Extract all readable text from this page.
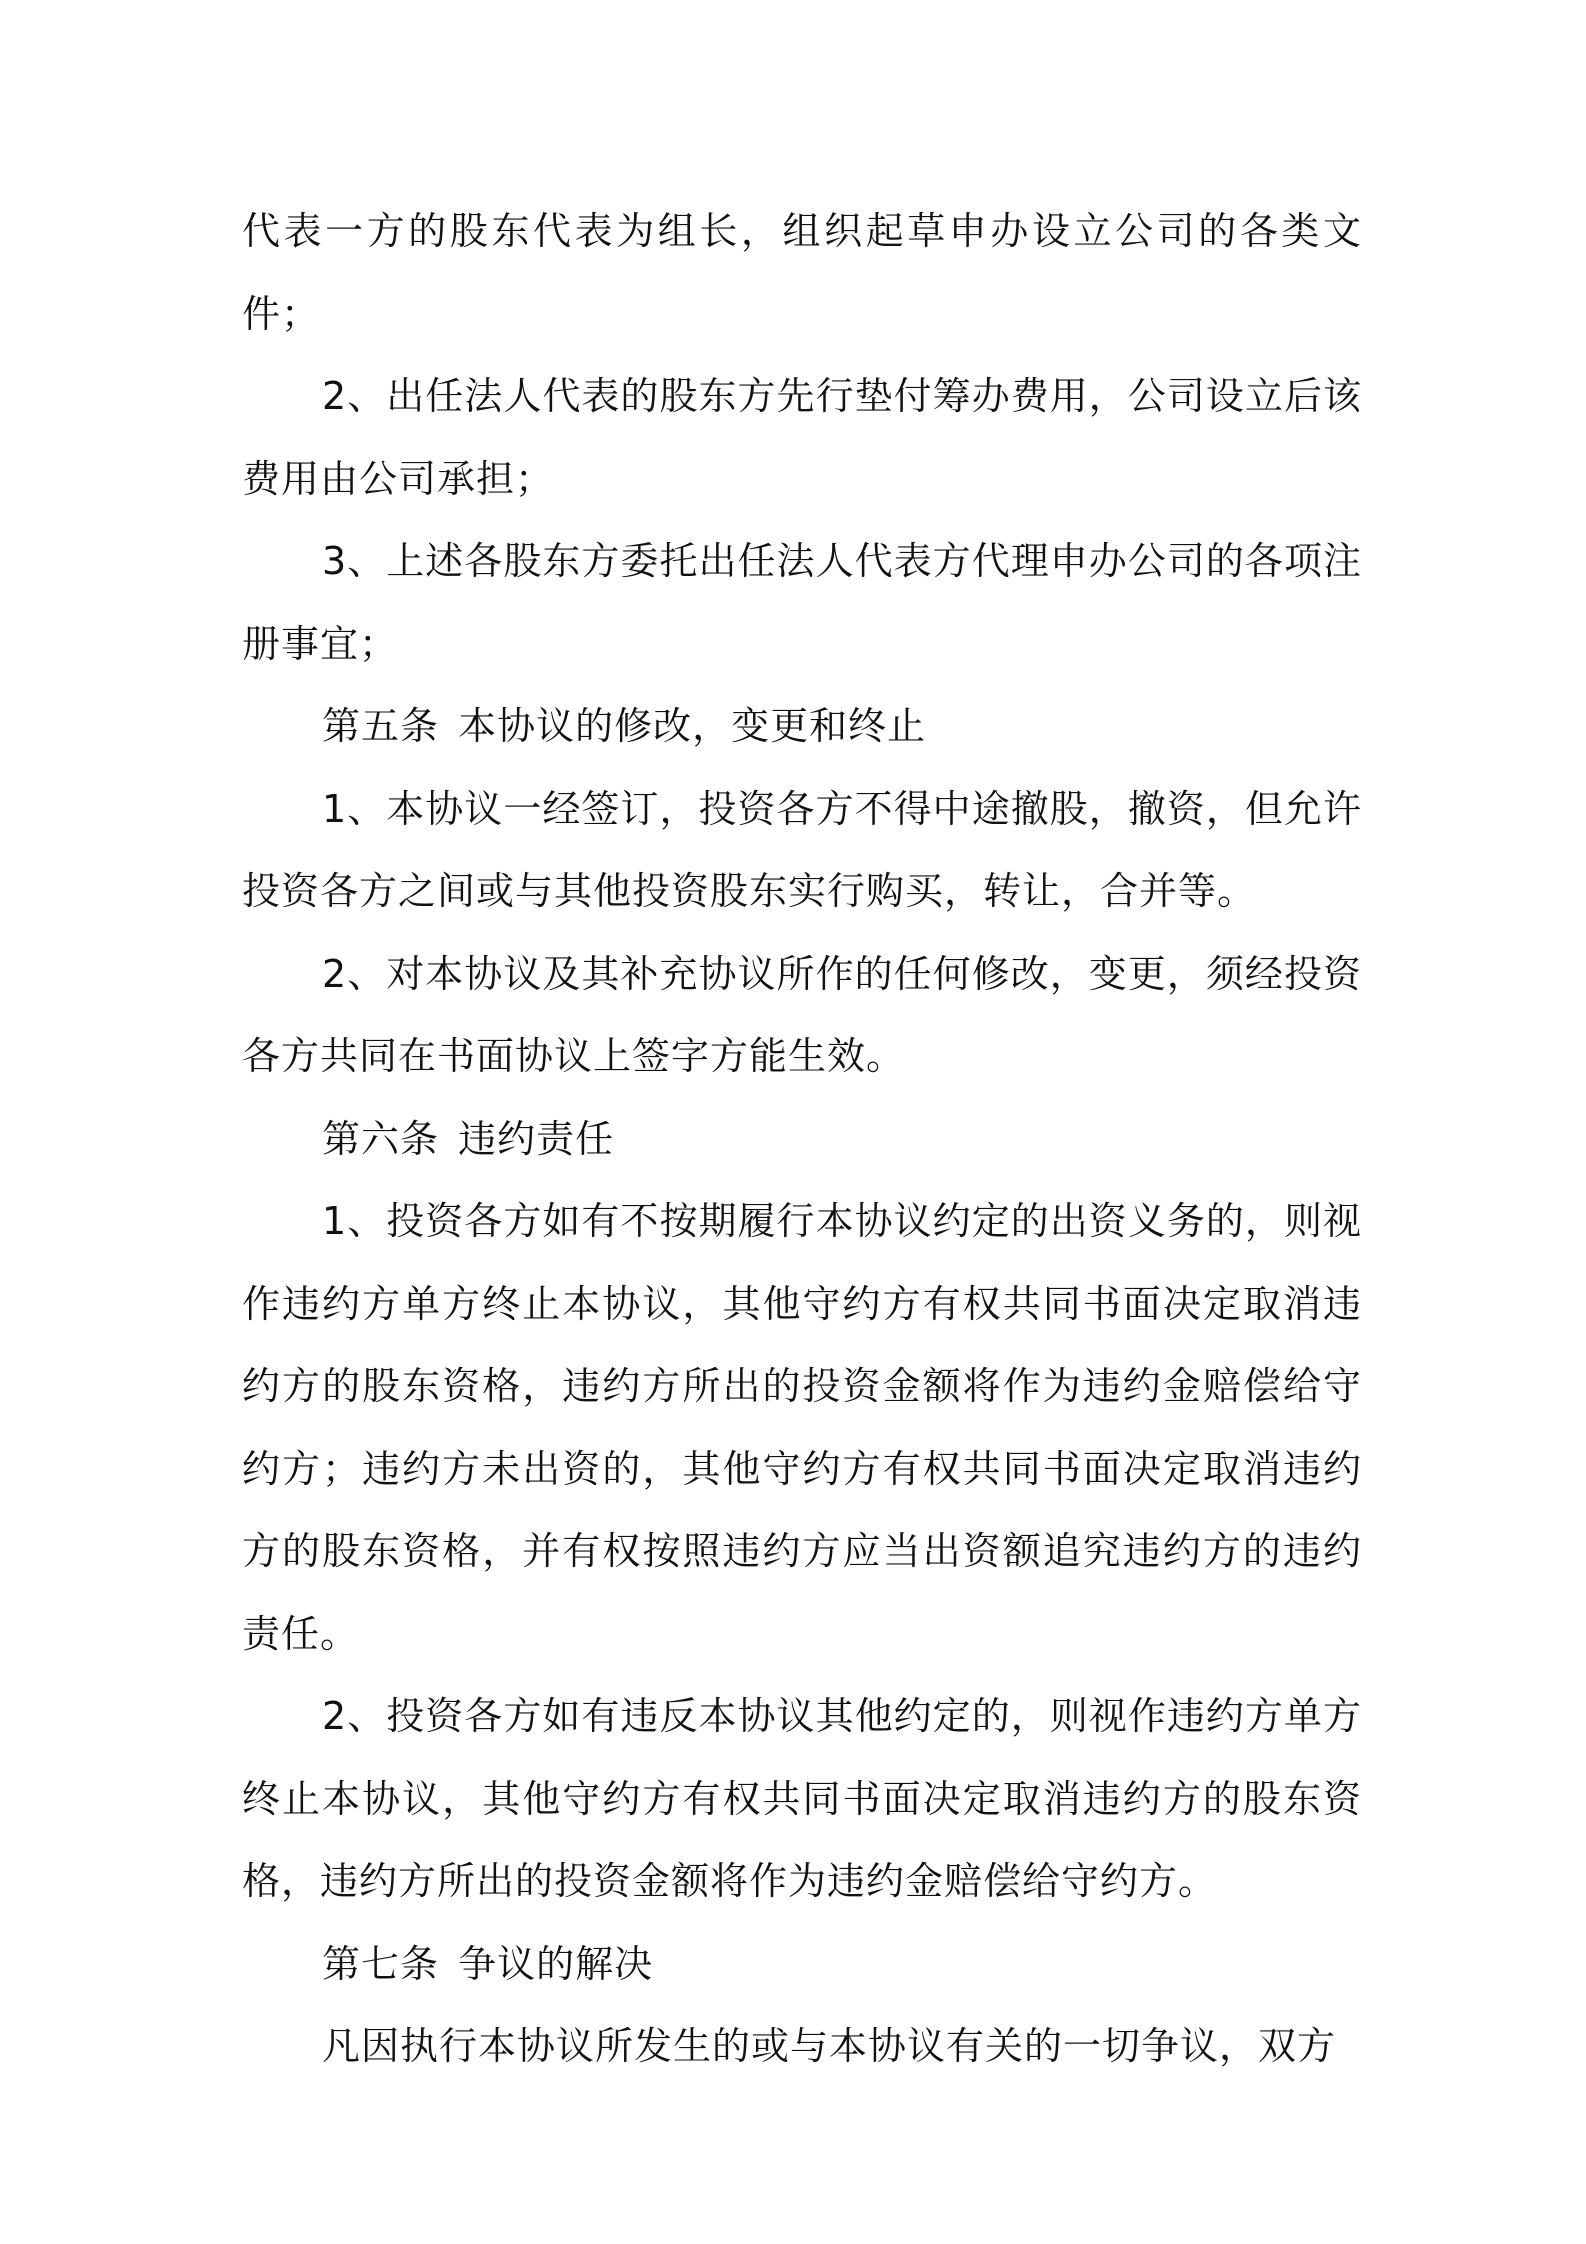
代表一方的股东代表为组长，组织起草申办设立公司的各类文件；

2、出任法人代表的股东方先行垫付筹办费用，公司设立后该费用由公司承担；

3、上述各股东方委托出任法人代表方代理申办公司的各项注册事宜；

第五条 本协议的修改，变更和终止

1、本协议一经签订，投资各方不得中途撤股，撤资，但允许投资各方之间或与其他投资股东实行购买，转让，合并等。

2、对本协议及其补充协议所作的任何修改，变更，须经投资各方共同在书面协议上签字方能生效。

第六条 违约责任

1、投资各方如有不按期履行本协议约定的出资义务的，则视作违约方单方终止本协议，其他守约方有权共同书面决定取消违约方的股东资格，违约方所出的投资金额将作为违约金赔偿给守约方；违约方未出资的，其他守约方有权共同书面决定取消违约方的股东资格，并有权按照违约方应当出资额追究违约方的违约责任。

2、投资各方如有违反本协议其他约定的，则视作违约方单方终止本协议，其他守约方有权共同书面决定取消违约方的股东资格，违约方所出的投资金额将作为违约金赔偿给守约方。

第七条 争议的解决

凡因执行本协议所发生的或与本协议有关的一切争议，双方
